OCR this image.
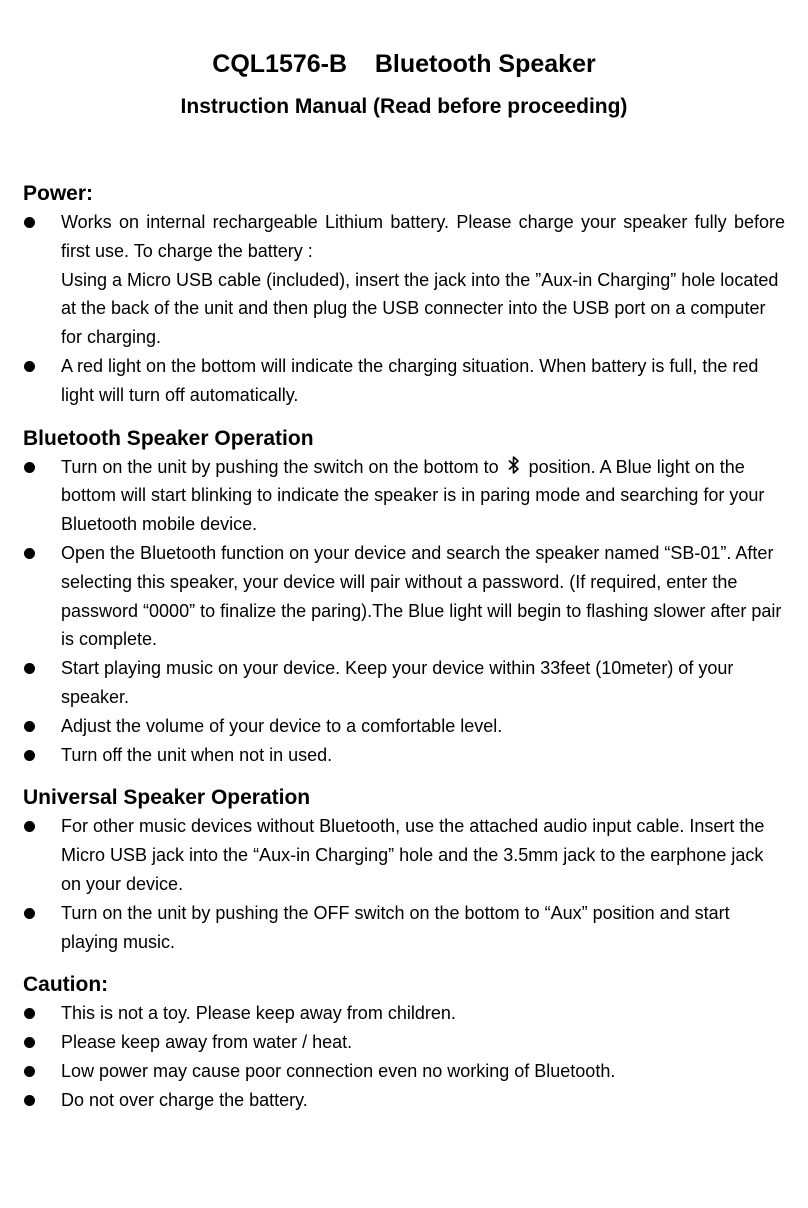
CQL1576-B    Bluetooth Speaker
Instruction Manual (Read before proceeding)
Power:
Works on internal rechargeable Lithium battery. Please charge your speaker fully before first use. To charge the battery :
Using a Micro USB cable (included), insert the jack into the ”Aux-in Charging” hole located at the back of the unit and then plug the USB connecter into the USB port on a computer for charging.
A red light on the bottom will indicate the charging situation. When battery is full, the red light will turn off automatically.
Bluetooth Speaker Operation
Turn on the unit by pushing the switch on the bottom to position. A Blue light on the bottom will start blinking to indicate the speaker is in paring mode and searching for your Bluetooth mobile device.
Open the Bluetooth function on your device and search the speaker named “SB-01”. After selecting this speaker, your device will pair without a password. (If required, enter the password “0000” to finalize the paring).The Blue light will begin to flashing slower after pair is complete.
Start playing music on your device. Keep your device within 33feet (10meter) of your speaker.
Adjust the volume of your device to a comfortable level.
Turn off the unit when not in used.
Universal Speaker Operation
For other music devices without Bluetooth, use the attached audio input cable. Insert the Micro USB jack into the “Aux-in Charging” hole and the 3.5mm jack to the earphone jack on your device.
Turn on the unit by pushing the OFF switch on the bottom to “Aux” position and start playing music.
Caution:
This is not a toy. Please keep away from children.
Please keep away from water / heat.
Low power may cause poor connection even no working of Bluetooth.
Do not over charge the battery.
